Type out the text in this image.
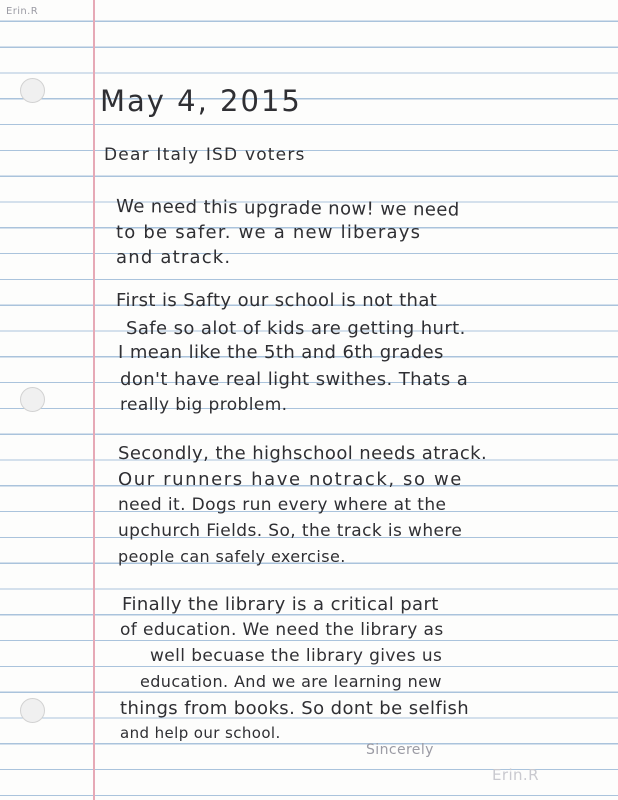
Erin.R

May 4, 2015

Dear Italy ISD voters

We need this upgrade now! we need

to be safer. we a new liberays

and atrack.

First is Safty our school is not that

Safe so alot of kids are getting hurt.

I mean like the 5th and 6th grades

don't have real light swithes. Thats a

really big problem.

Secondly, the highschool needs atrack.

Our runners have notrack, so we

need it. Dogs run every where at the

upchurch Fields. So, the track is where

people can safely exercise.

Finally the library is a critical part

of education. We need the library as

well becuase the library gives us

education. And we are learning new

things from books. So dont be selfish

and help our school.

Sincerely

Erin.R
